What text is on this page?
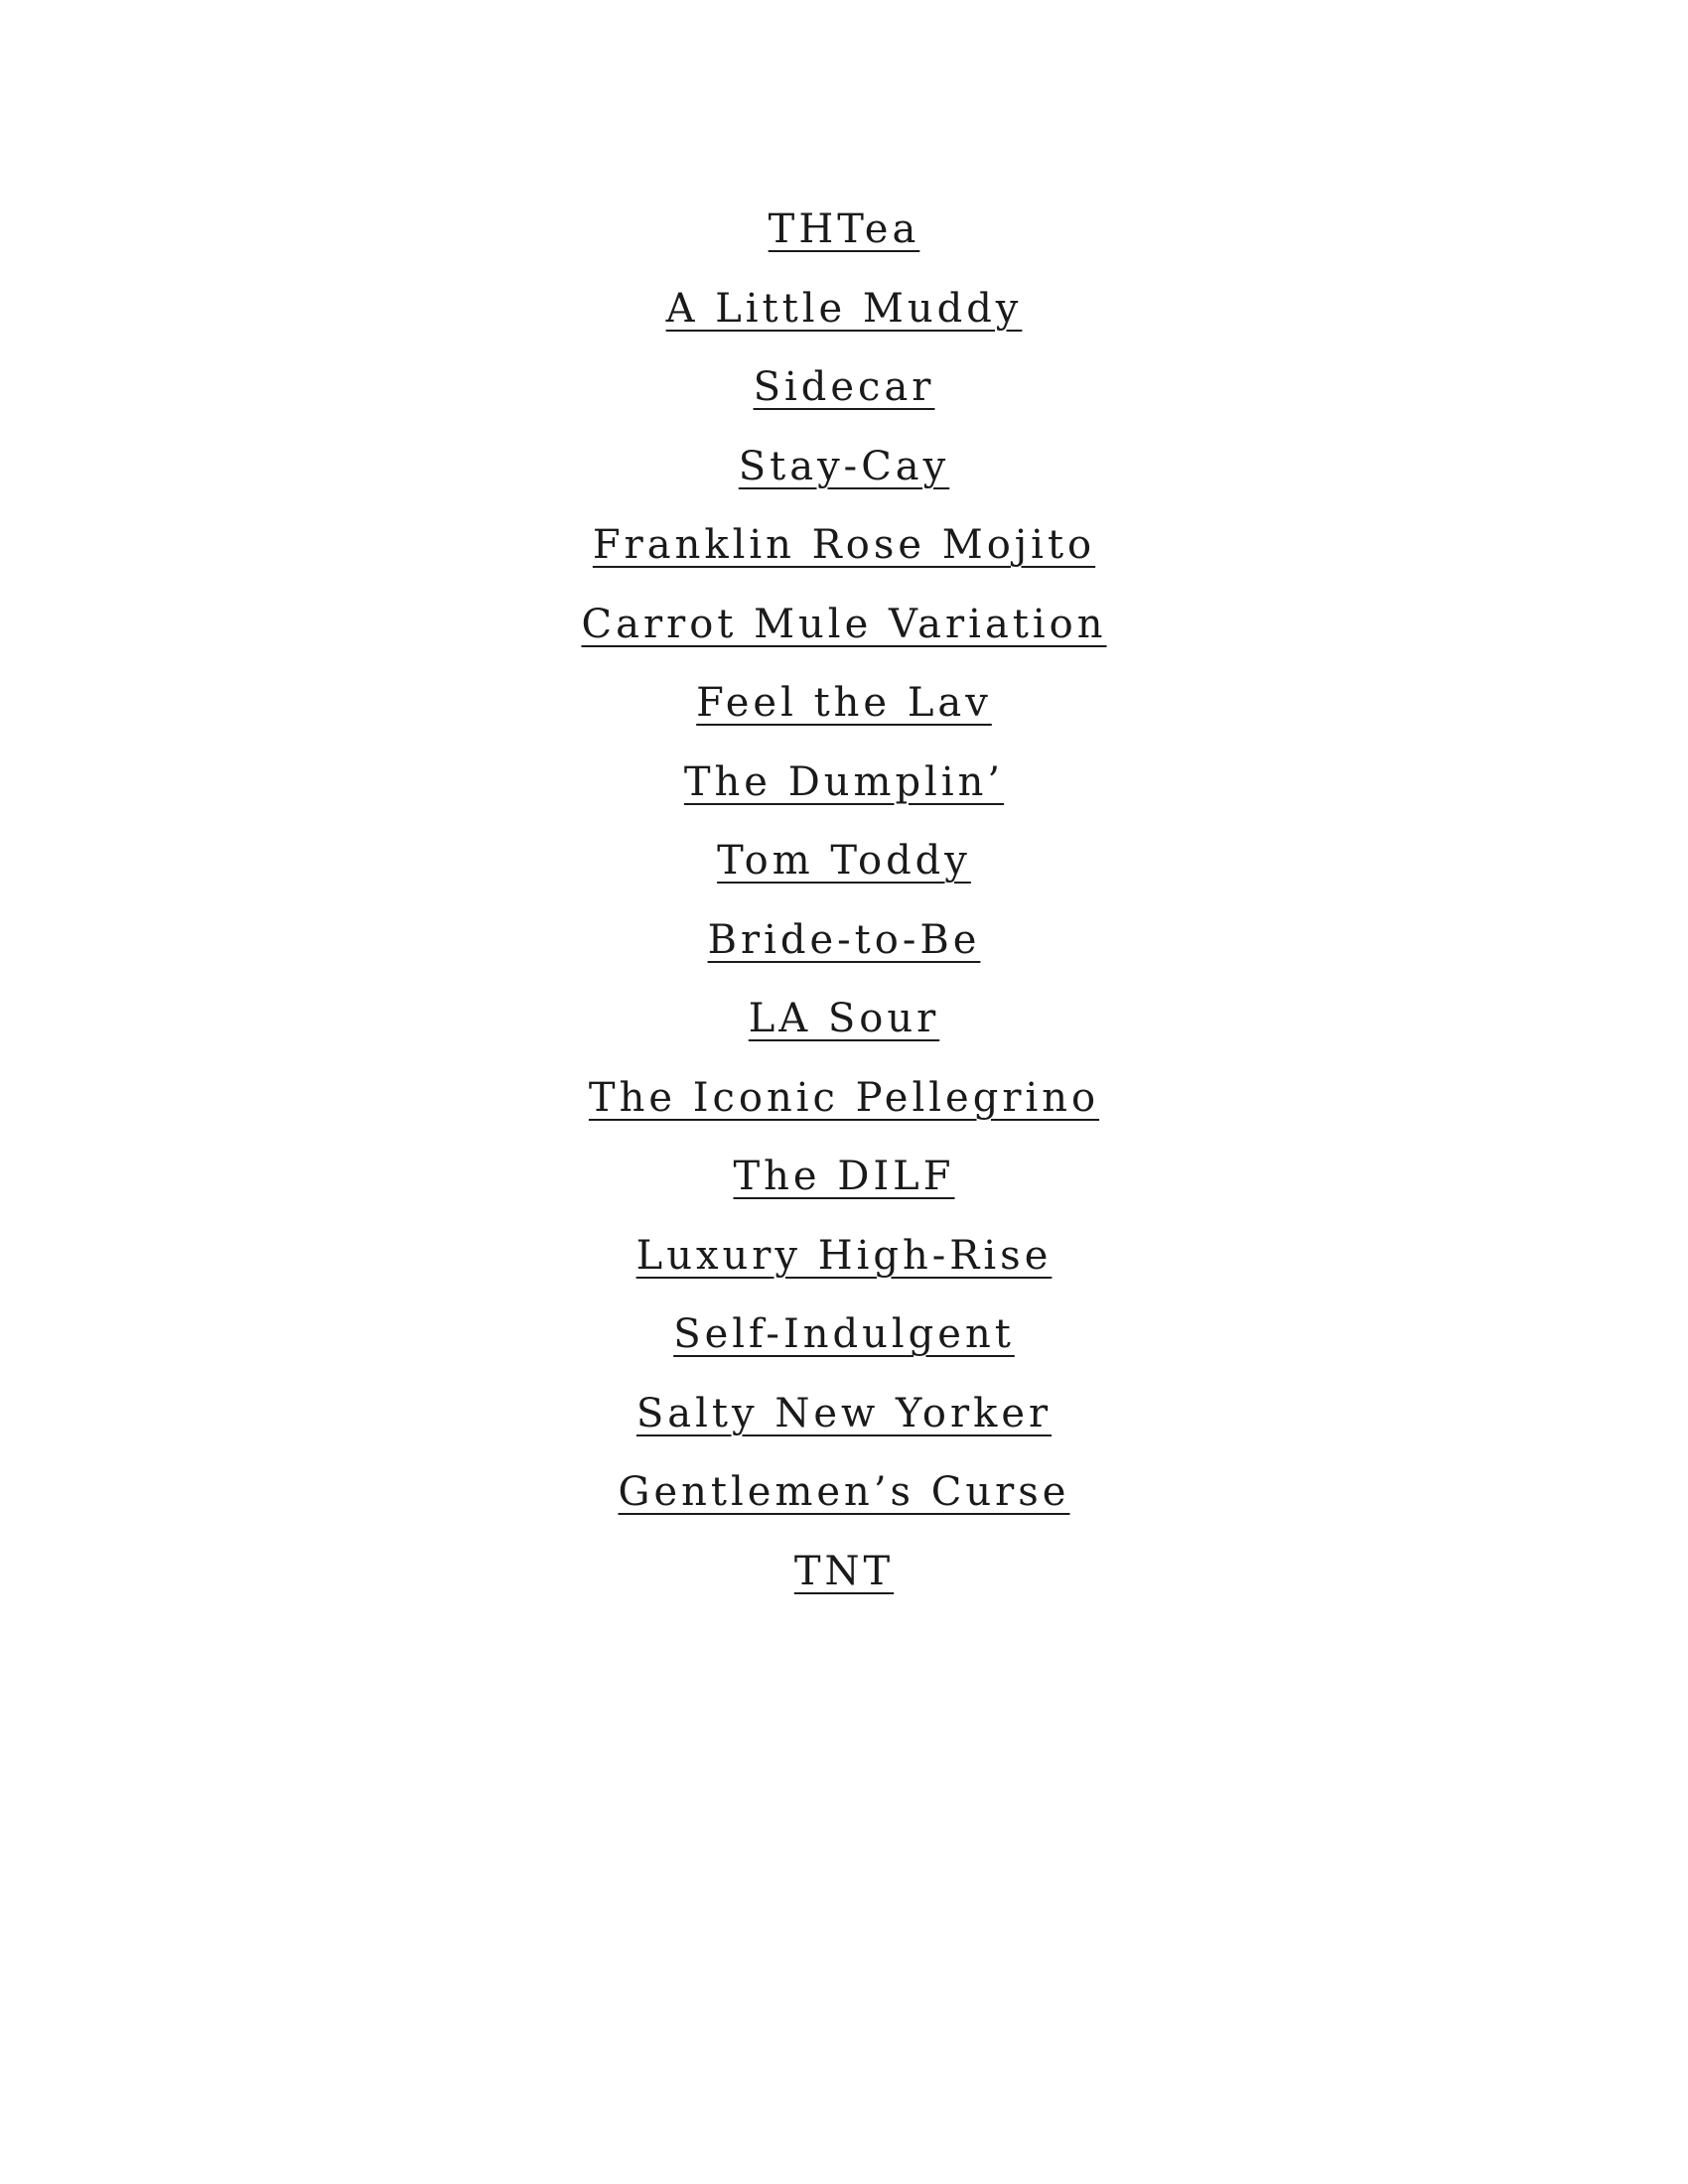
THTea
A Little Muddy
Sidecar
Stay-Cay
Franklin Rose Mojito
Carrot Mule Variation
Feel the Lav
The Dumplin’
Tom Toddy
Bride-to-Be
LA Sour
The Iconic Pellegrino
The DILF
Luxury High-Rise
Self-Indulgent
Salty New Yorker
Gentlemen’s Curse
TNT
